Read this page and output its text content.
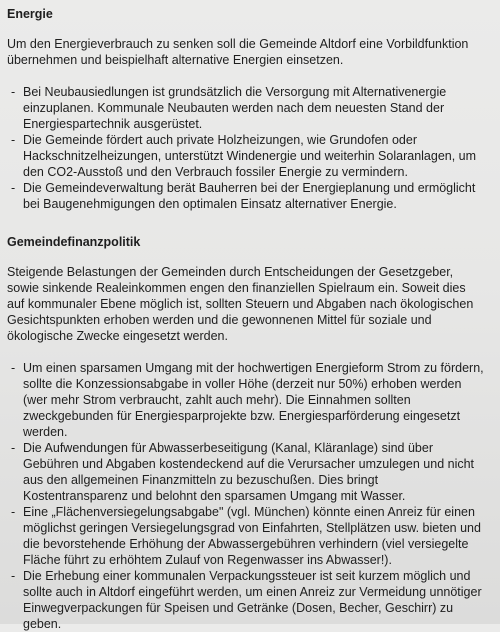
Energie

Um den Energieverbrauch zu senken soll die Gemeinde Altdorf eine Vorbildfunktion übernehmen und beispielhaft alternative Energien einsetzen.

- Bei Neubausiedlungen ist grundsätzlich die Versorgung mit Alternativenergie einzuplanen. Kommunale Neubauten werden nach dem neuesten Stand der Energiespartechnik ausgerüstet.
- Die Gemeinde fördert auch private Holzheizungen, wie Grundofen oder Hackschnitzelheizungen, unterstützt Windenergie und weiterhin Solaranlagen, um den CO2-Ausstoß und den Verbrauch fossiler Energie zu vermindern.
- Die Gemeindeverwaltung berät Bauherren bei der Energieplanung und ermöglicht bei Baugenehmigungen den optimalen Einsatz alternativer Energie.
Gemeindefinanzpolitik

Steigende Belastungen der Gemeinden durch Entscheidungen der Gesetzgeber, sowie sinkende Realeinkommen engen den finanziellen Spielraum ein. Soweit dies auf kommunaler Ebene möglich ist, sollten Steuern und Abgaben nach ökologischen Gesichtspunkten erhoben werden und die gewonnenen Mittel für soziale und ökologische Zwecke eingesetzt werden.

- Um einen sparsamen Umgang mit der hochwertigen Energieform Strom zu fördern, sollte die Konzessionsabgabe in voller Höhe (derzeit nur 50%) erhoben werden (wer mehr Strom verbraucht, zahlt auch mehr). Die Einnahmen sollten zweckgebunden für Energiesparprojekte bzw. Energiesparförderung eingesetzt werden.
- Die Aufwendungen für Abwasserbeseitigung (Kanal, Kläranlage) sind über Gebühren und Abgaben kostendeckend auf die Verursacher umzulegen und nicht aus den allgemeinen Finanzmitteln zu bezuschußen. Dies bringt Kostentransparenz und belohnt den sparsamen Umgang mit Wasser.
- Eine „Flächenversiegelungsabgabe" (vgl. München) könnte einen Anreiz für einen möglichst geringen Versiegelungsgrad von Einfahrten, Stellplätzen usw. bieten und die bevorstehende Erhöhung der Abwassergebühren verhindern (viel versiegelte Fläche führt zu erhöhtem Zulauf von Regenwasser ins Abwasser!).
- Die Erhebung einer kommunalen Verpackungssteuer ist seit kurzem möglich und sollte auch in Altdorf eingeführt werden, um einen Anreiz zur Vermeidung unnötiger Einwegverpackungen für Speisen und Getränke (Dosen, Becher, Geschirr) zu geben.
